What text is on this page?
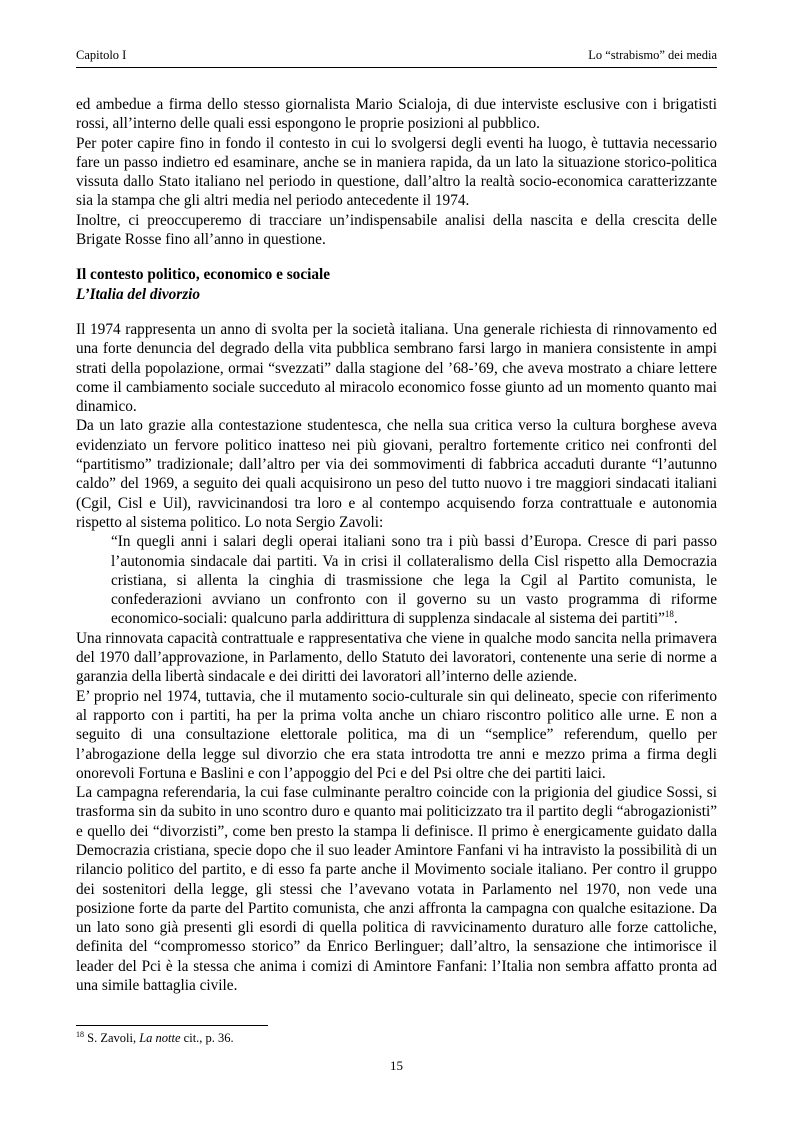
Capitolo I	Lo “strabismo” dei media

ed ambedue a firma dello stesso giornalista Mario Scialoja, di due interviste esclusive con i brigatisti rossi, all’interno delle quali essi espongono le proprie posizioni al pubblico.

Per poter capire fino in fondo il contesto in cui lo svolgersi degli eventi ha luogo, è tuttavia necessario fare un passo indietro ed esaminare, anche se in maniera rapida, da un lato la situazione storico-politica vissuta dallo Stato italiano nel periodo in questione, dall’altro la realtà socio-economica caratterizzante sia la stampa che gli altri media nel periodo antecedente il 1974.

Inoltre, ci preoccuperemo di tracciare un’indispensabile analisi della nascita e della crescita delle Brigate Rosse fino all’anno in questione.

Il contesto politico, economico e sociale

L’Italia del divorzio

Il 1974 rappresenta un anno di svolta per la società italiana. Una generale richiesta di rinnovamento ed una forte denuncia del degrado della vita pubblica sembrano farsi largo in maniera consistente in ampi strati della popolazione, ormai “svezzati” dalla stagione del ’68-’69, che aveva mostrato a chiare lettere come il cambiamento sociale succeduto al miracolo economico fosse giunto ad un momento quanto mai dinamico.

Da un lato grazie alla contestazione studentesca, che nella sua critica verso la cultura borghese aveva evidenziato un fervore politico inatteso nei più giovani, peraltro fortemente critico nei confronti del “partitismo” tradizionale; dall’altro per via dei sommovimenti di fabbrica accaduti durante “l’autunno caldo” del 1969, a seguito dei quali acquisirono un peso del tutto nuovo i tre maggiori sindacati italiani (Cgil, Cisl e Uil), ravvicinandosi tra loro e al contempo acquisendo forza contrattuale e autonomia rispetto al sistema politico. Lo nota Sergio Zavoli:

“In quegli anni i salari degli operai italiani sono tra i più bassi d’Europa. Cresce di pari passo l’autonomia sindacale dai partiti. Va in crisi il collateralismo della Cisl rispetto alla Democrazia cristiana, si allenta la cinghia di trasmissione che lega la Cgil al Partito comunista, le confederazioni avviano un confronto con il governo su un vasto programma di riforme economico-sociali: qualcuno parla addirittura di supplenza sindacale al sistema dei partiti”$^{18}$.

Una rinnovata capacità contrattuale e rappresentativa che viene in qualche modo sancita nella primavera del 1970 dall’approvazione, in Parlamento, dello Statuto dei lavoratori, contenente una serie di norme a garanzia della libertà sindacale e dei diritti dei lavoratori all’interno delle aziende.

E’ proprio nel 1974, tuttavia, che il mutamento socio-culturale sin qui delineato, specie con riferimento al rapporto con i partiti, ha per la prima volta anche un chiaro riscontro politico alle urne. E non a seguito di una consultazione elettorale politica, ma di un “semplice” referendum, quello per l’abrogazione della legge sul divorzio che era stata introdotta tre anni e mezzo prima a firma degli onorevoli Fortuna e Baslini e con l’appoggio del Pci e del Psi oltre che dei partiti laici.

La campagna referendaria, la cui fase culminante peraltro coincide con la prigionia del giudice Sossi, si trasforma sin da subito in uno scontro duro e quanto mai politicizzato tra il partito degli “abrogazionisti” e quello dei “divorzisti”, come ben presto la stampa li definisce. Il primo è energicamente guidato dalla Democrazia cristiana, specie dopo che il suo leader Amintore Fanfani vi ha intravisto la possibilità di un rilancio politico del partito, e di esso fa parte anche il Movimento sociale italiano. Per contro il gruppo dei sostenitori della legge, gli stessi che l’avevano votata in Parlamento nel 1970, non vede una posizione forte da parte del Partito comunista, che anzi affronta la campagna con qualche esitazione. Da un lato sono già presenti gli esordi di quella politica di ravvicinamento duraturo alle forze cattoliche, definita del “compromesso storico” da Enrico Berlinguer; dall’altro, la sensazione che intimorisce il leader del Pci è la stessa che anima i comizi di Amintore Fanfani: l’Italia non sembra affatto pronta ad una simile battaglia civile.

$^{18}$ S. Zavoli, La notte cit., p. 36.
15
